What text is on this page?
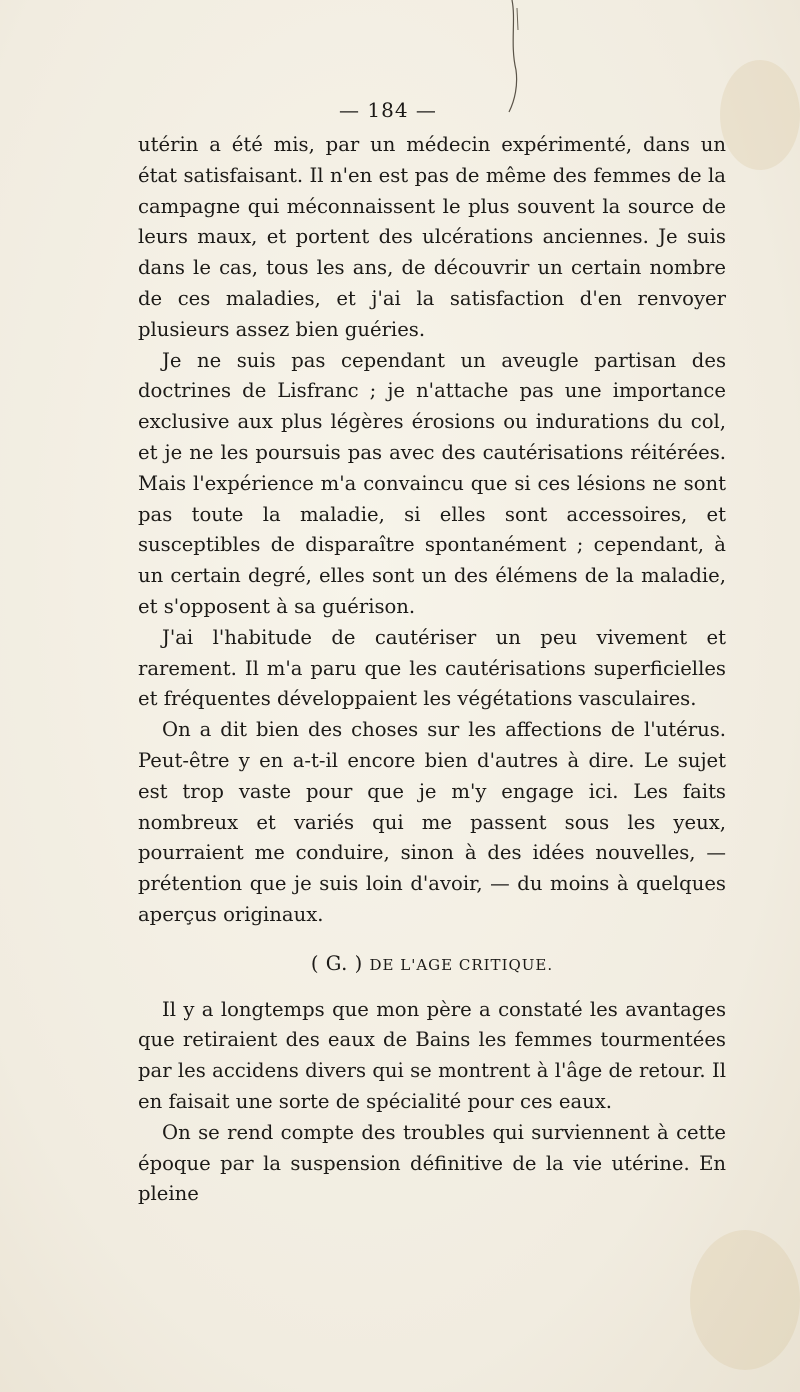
— 184 —

utérin a été mis, par un médecin expérimenté, dans un état satisfaisant. Il n'en est pas de même des femmes de la campagne qui méconnaissent le plus souvent la source de leurs maux, et portent des ulcérations anciennes. Je suis dans le cas, tous les ans, de découvrir un certain nombre de ces maladies, et j'ai la satisfaction d'en renvoyer plusieurs assez bien guéries.

Je ne suis pas cependant un aveugle partisan des doctrines de Lisfranc ; je n'attache pas une importance exclusive aux plus légères érosions ou indurations du col, et je ne les poursuis pas avec des cautérisations réitérées. Mais l'expérience m'a convaincu que si ces lésions ne sont pas toute la maladie, si elles sont accessoires, et susceptibles de disparaître spontanément ; cependant, à un certain degré, elles sont un des élémens de la maladie, et s'opposent à sa guérison.

J'ai l'habitude de cautériser un peu vivement et rarement. Il m'a paru que les cautérisations superficielles et fréquentes développaient les végétations vasculaires.

On a dit bien des choses sur les affections de l'utérus. Peut-être y en a-t-il encore bien d'autres à dire. Le sujet est trop vaste pour que je m'y engage ici. Les faits nombreux et variés qui me passent sous les yeux, pourraient me conduire, sinon à des idées nouvelles, — prétention que je suis loin d'avoir, — du moins à quelques aperçus originaux.

( G. ) DE L'AGE CRITIQUE.

Il y a longtemps que mon père a constaté les avantages que retiraient des eaux de Bains les femmes tourmentées par les accidens divers qui se montrent à l'âge de retour. Il en faisait une sorte de spécialité pour ces eaux.

On se rend compte des troubles qui surviennent à cette époque par la suspension définitive de la vie utérine. En pleine
